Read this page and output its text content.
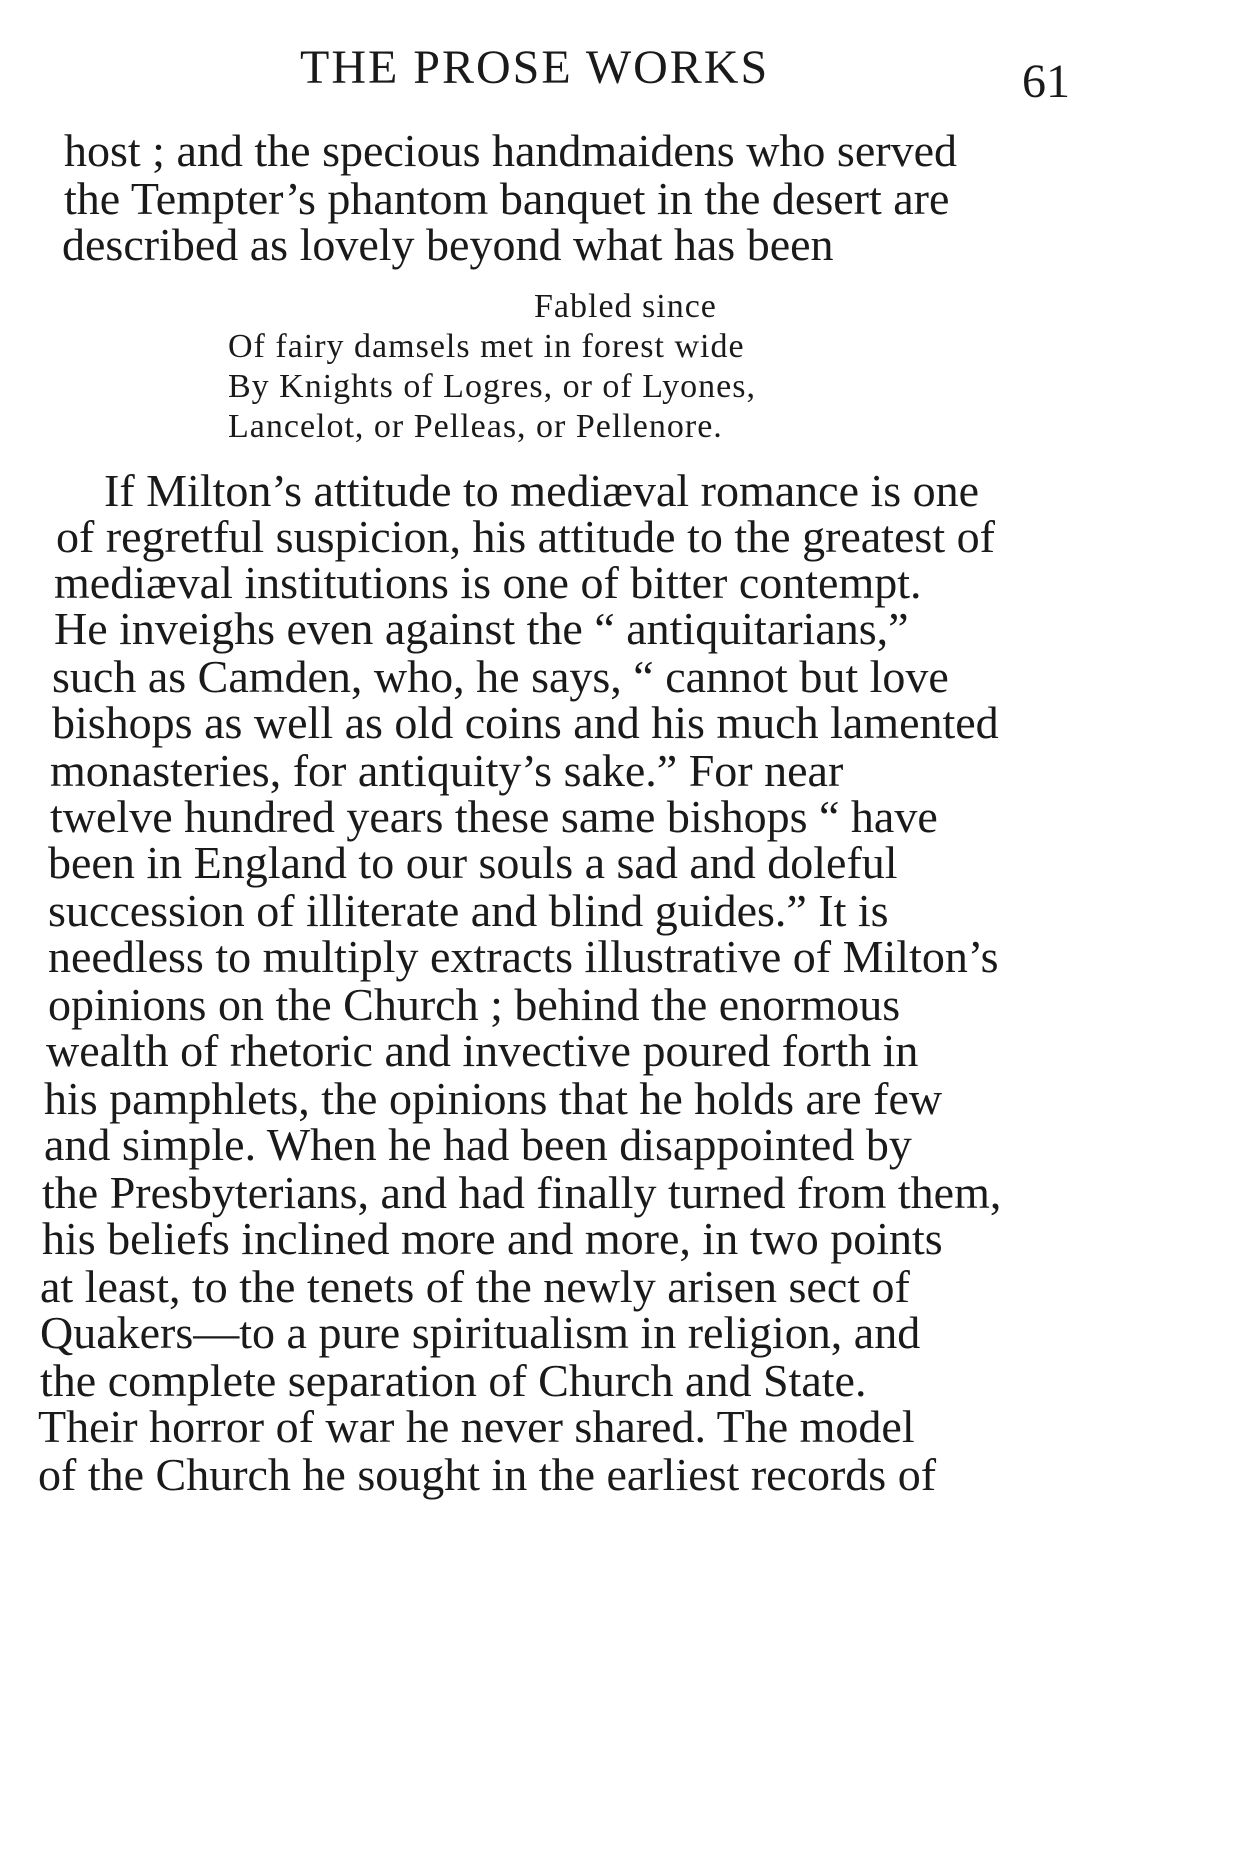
THE PROSE WORKS	61
host ; and the specious handmaidens who served
the Tempter’s phantom banquet in the desert are
described as lovely beyond what has been
Fabled since
Of fairy damsels met in forest wide
By Knights of Logres, or of Lyones,
Lancelot, or Pelleas, or Pellenore.
If Milton’s attitude to mediæval romance is one
of regretful suspicion, his attitude to the greatest of
mediæval institutions is one of bitter contempt.
He inveighs even against the “ antiquitarians,”
such as Camden, who, he says, “ cannot but love
bishops as well as old coins and his much lamented
monasteries, for antiquity’s sake.” For near
twelve hundred years these same bishops “ have
been in England to our souls a sad and doleful
succession of illiterate and blind guides.” It is
needless to multiply extracts illustrative of Milton’s
opinions on the Church ; behind the enormous
wealth of rhetoric and invective poured forth in
his pamphlets, the opinions that he holds are few
and simple. When he had been disappointed by
the Presbyterians, and had finally turned from them,
his beliefs inclined more and more, in two points
at least, to the tenets of the newly arisen sect of
Quakers—to a pure spiritualism in religion, and
the complete separation of Church and State.
Their horror of war he never shared. The model
of the Church he sought in the earliest records of
